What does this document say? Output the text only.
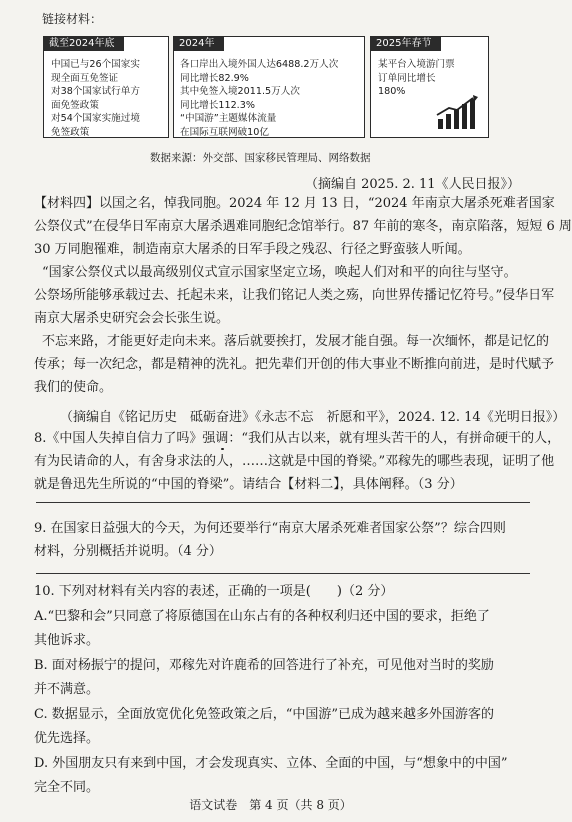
链接材料：
截至2024年底
中国已与26个国家实
现全面互免签证
对38个国家试行单方
面免签政策
对54个国家实施过境
免签政策
2024年
各口岸出入境外国人达6488.2万人次
同比增长82.9%
其中免签入境2011.5万人次
同比增长112.3%
“中国游”主题媒体流量
在国际互联网破10亿
2025年春节
某平台入境游门票
订单同比增长
180%
数据来源：外交部、国家移民管理局、网络数据
（摘编自 2025. 2. 11《人民日报》）
【材料四】以国之名，悼我同胞。2024 年 12 月 13 日，“2024 年南京大屠杀死难者国家
公祭仪式”在侵华日军南京大屠杀遇难同胞纪念馆举行。87 年前的寒冬，南京陷落，短短 6 周
30 万同胞罹难，制造南京大屠杀的日军手段之残忍、行径之野蛮骇人听闻。
“国家公祭仪式以最高级别仪式宣示国家坚定立场，唤起人们对和平的向往与坚守。
公祭场所能够承载过去、托起未来，让我们铭记人类之殇，向世界传播记忆符号。”侵华日军
南京大屠杀史研究会会长张生说。
不忘来路，才能更好走向未来。落后就要挨打，发展才能自强。每一次缅怀，都是记忆的
传承；每一次纪念，都是精神的洗礼。把先辈们开创的伟大事业不断推向前进，是时代赋予
我们的使命。
（摘编自《铭记历史　砥砺奋进》《永志不忘　祈愿和平》，2024. 12. 14《光明日报》）
8.《中国人失掉自信力了吗》强调：“我们从古以来，就有埋头苦干的人，有拼命硬干的人，
有为民请命的人，有舍身求法的人，……这就是中国的脊梁。”邓稼先的哪些表现，证明了他
就是鲁迅先生所说的“中国的脊梁”。请结合【材料二】，具体阐释。（3 分）
9. 在国家日益强大的今天，为何还要举行“南京大屠杀死难者国家公祭”？综合四则
材料，分别概括并说明。（4 分）
10. 下列对材料有关内容的表述，正确的一项是(　　)（2 分）
A.“巴黎和会”只同意了将原德国在山东占有的各种权利归还中国的要求，拒绝了
其他诉求。
B. 面对杨振宁的提问，邓稼先对许鹿希的回答进行了补充，可见他对当时的奖励
并不满意。
C. 数据显示，全面放宽优化免签政策之后，“中国游”已成为越来越多外国游客的
优先选择。
D. 外国朋友只有来到中国，才会发现真实、立体、全面的中国，与“想象中的中国”
完全不同。
语文试卷　第 4 页（共 8 页）
